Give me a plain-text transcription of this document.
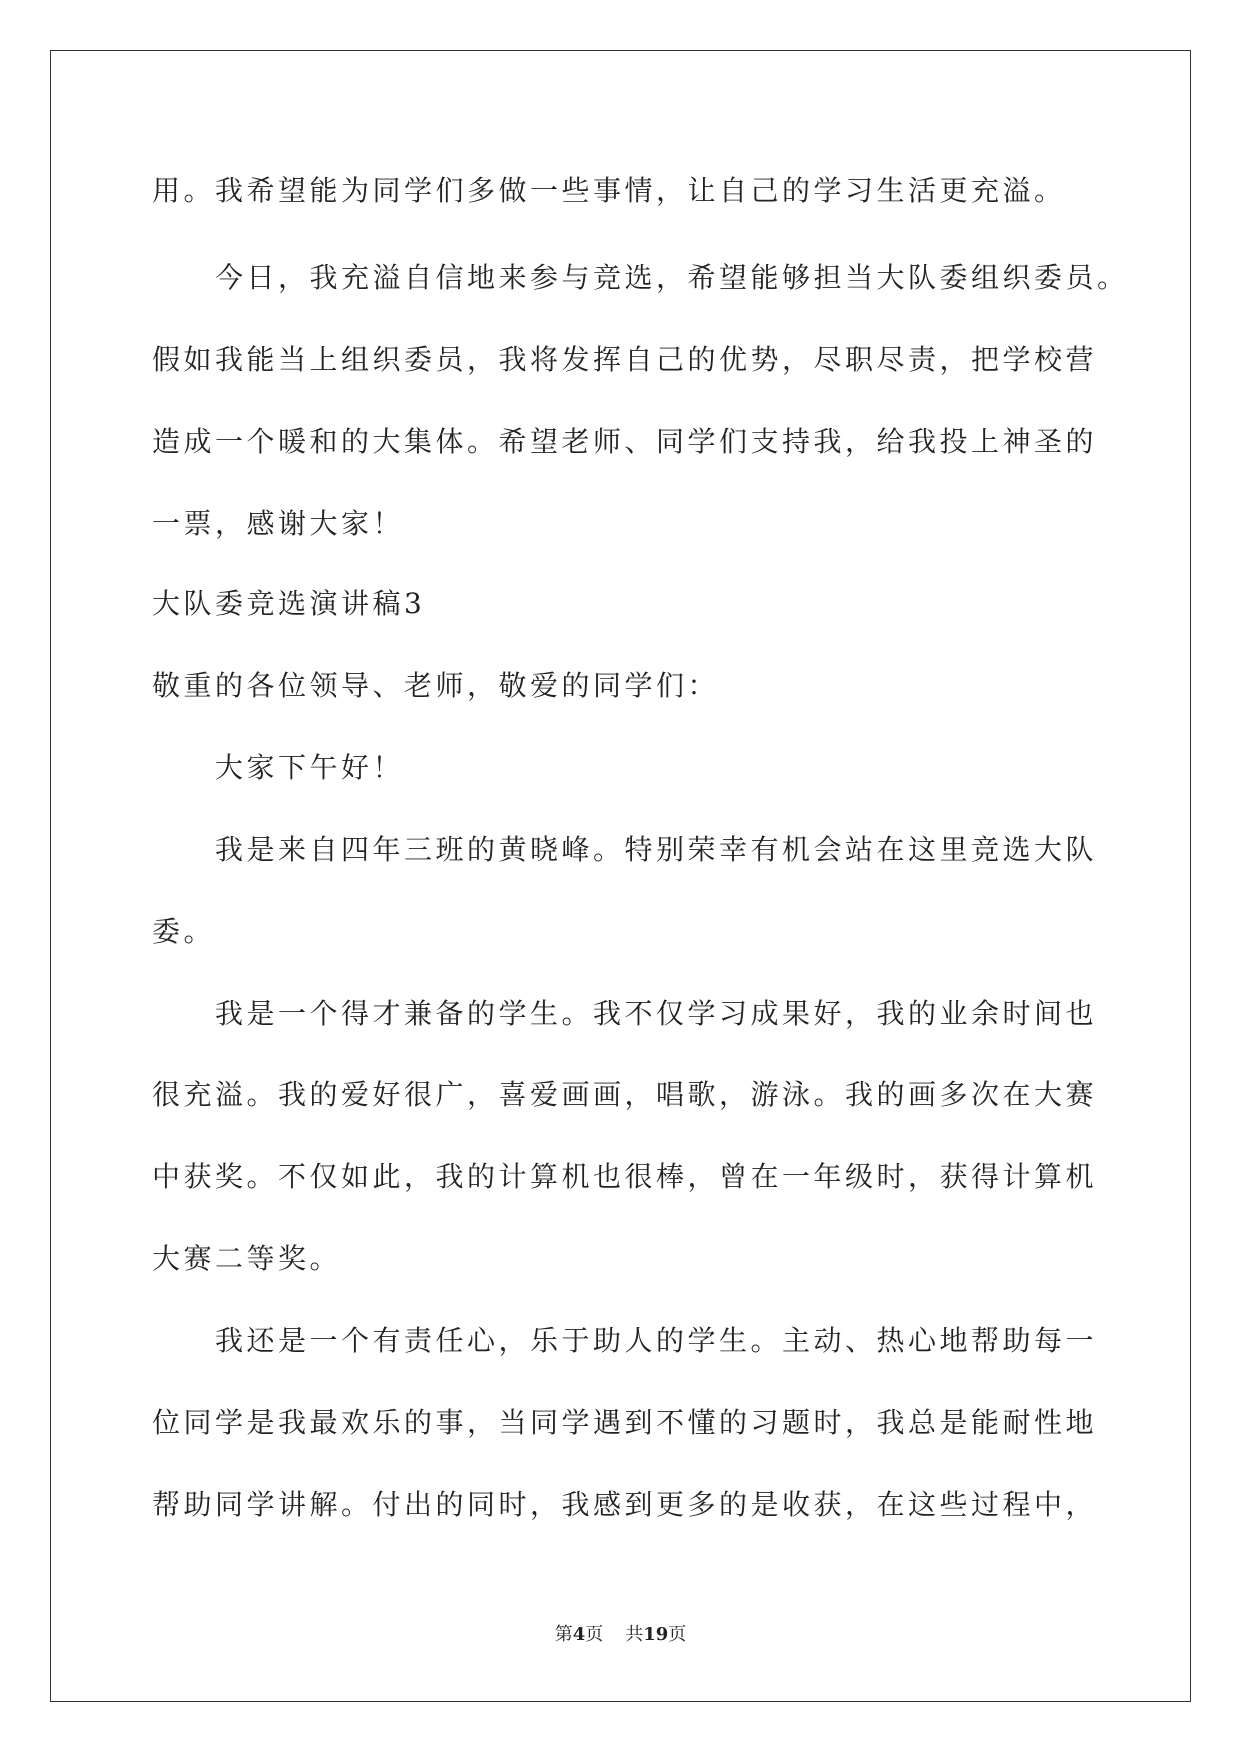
用。我希望能为同学们多做一些事情，让自己的学习生活更充溢。
今日，我充溢自信地来参与竞选，希望能够担当大队委组织委员。
假如我能当上组织委员，我将发挥自己的优势，尽职尽责，把学校营
造成一个暖和的大集体。希望老师、同学们支持我，给我投上神圣的
一票，感谢大家！
大队委竞选演讲稿3
敬重的各位领导、老师，敬爱的同学们：
大家下午好！
我是来自四年三班的黄晓峰。特别荣幸有机会站在这里竞选大队
委。
我是一个得才兼备的学生。我不仅学习成果好，我的业余时间也
很充溢。我的爱好很广，喜爱画画，唱歌，游泳。我的画多次在大赛
中获奖。不仅如此，我的计算机也很棒，曾在一年级时，获得计算机
大赛二等奖。
我还是一个有责任心，乐于助人的学生。主动、热心地帮助每一
位同学是我最欢乐的事，当同学遇到不懂的习题时，我总是能耐性地
帮助同学讲解。付出的同时，我感到更多的是收获，在这些过程中，
第4页 共19页
